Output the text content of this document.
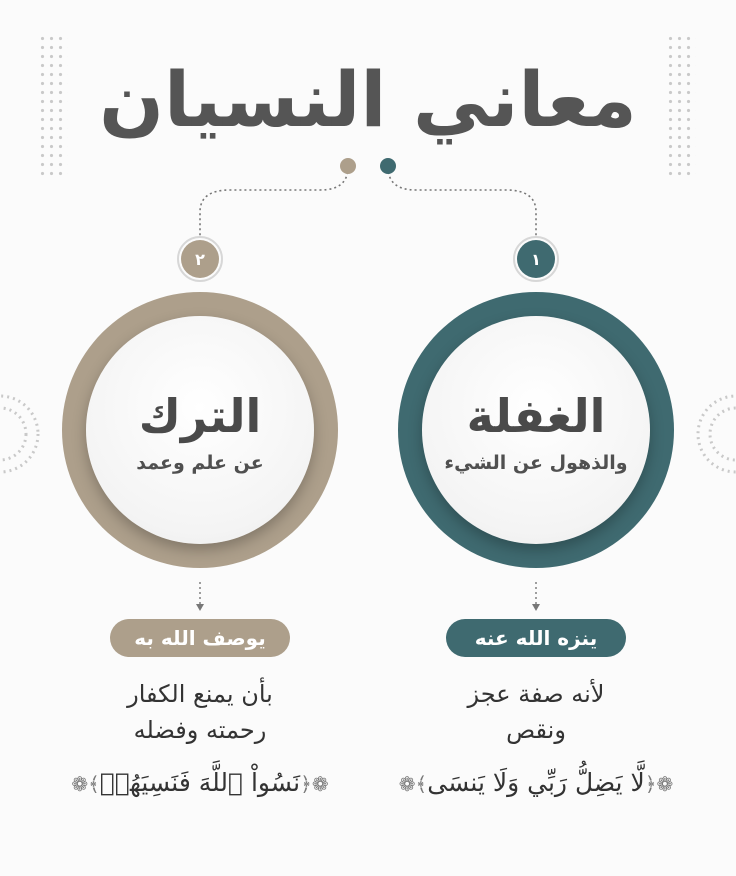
معاني النسيان
١
٢
الغفلة
والذهول عن الشيء
الترك
عن علم وعمد
ينزه الله عنه
يوصف الله به
لأنه صفة عجز
ونقص
بأن يمنع الكفار
رحمته وفضله
❁﴿لَّا يَضِلُّ رَبِّي وَلَا يَنسَى﴾❁
❁﴿نَسُواْ ٱللَّهَ فَنَسِيَهُمۡ﴾❁
